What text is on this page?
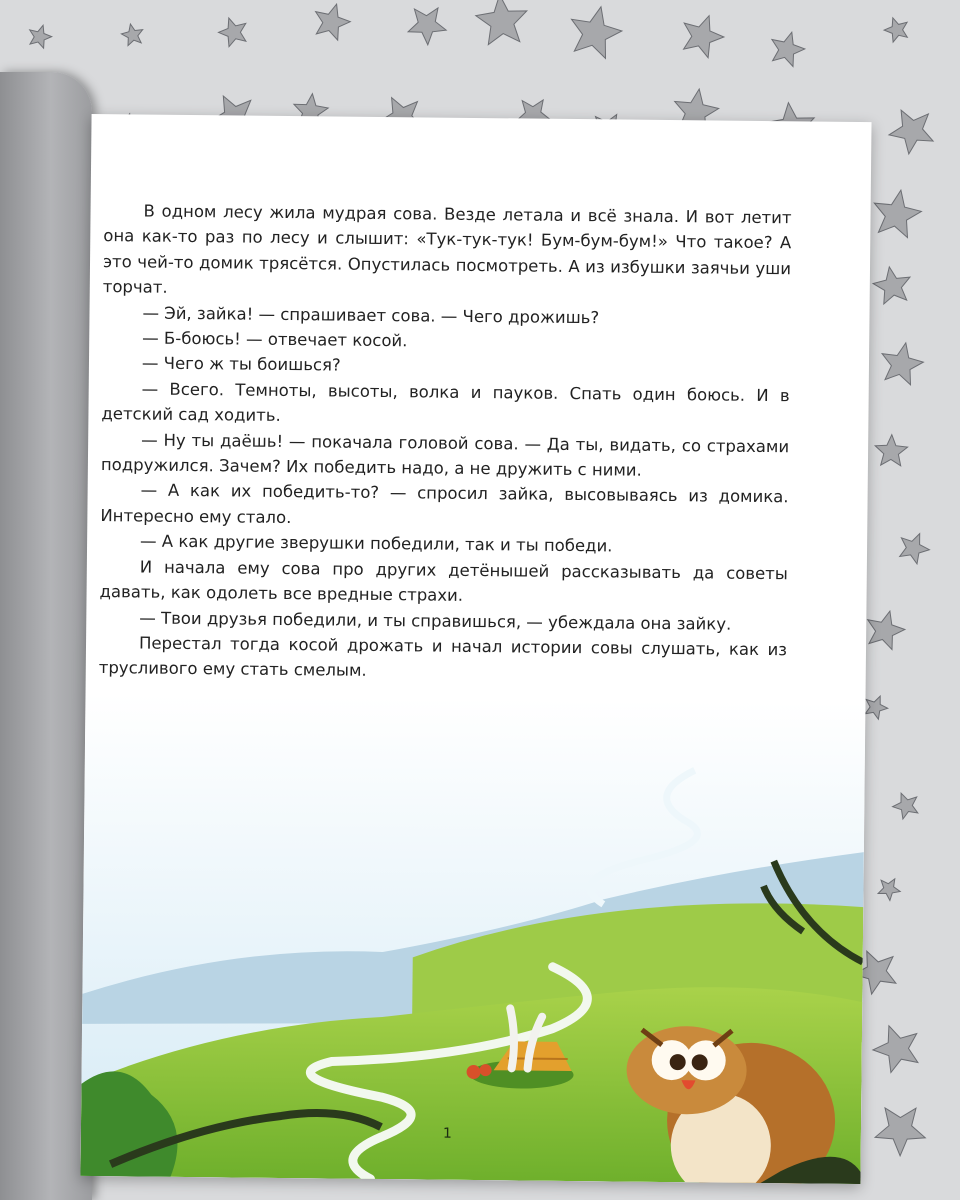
В одном лесу жила мудрая сова. Везде летала и всё знала. И вот летит она как-то раз по лесу и слышит: «Тук-тук-тук! Бум-бум-бум!» Что такое? А это чей-то домик трясётся. Опустилась посмотреть. А из избушки заячьи уши торчат.

— Эй, зайка! — спрашивает сова. — Чего дрожишь?

— Б-боюсь! — отвечает косой.

— Чего ж ты боишься?

— Всего. Темноты, высоты, волка и пауков. Спать один боюсь. И в детский сад ходить.

— Ну ты даёшь! — покачала головой сова. — Да ты, видать, со страхами подружился. Зачем? Их победить надо, а не дружить с ними.

— А как их победить-то? — спросил зайка, высовываясь из домика. Интересно ему стало.

— А как другие зверушки победили, так и ты победи.

И начала ему сова про других детёнышей рассказывать да советы давать, как одолеть все вредные страхи.

— Твои друзья победили, и ты справишься, — убеждала она зайку.

Перестал тогда косой дрожать и начал истории совы слушать, как из трусливого ему стать смелым.

1
